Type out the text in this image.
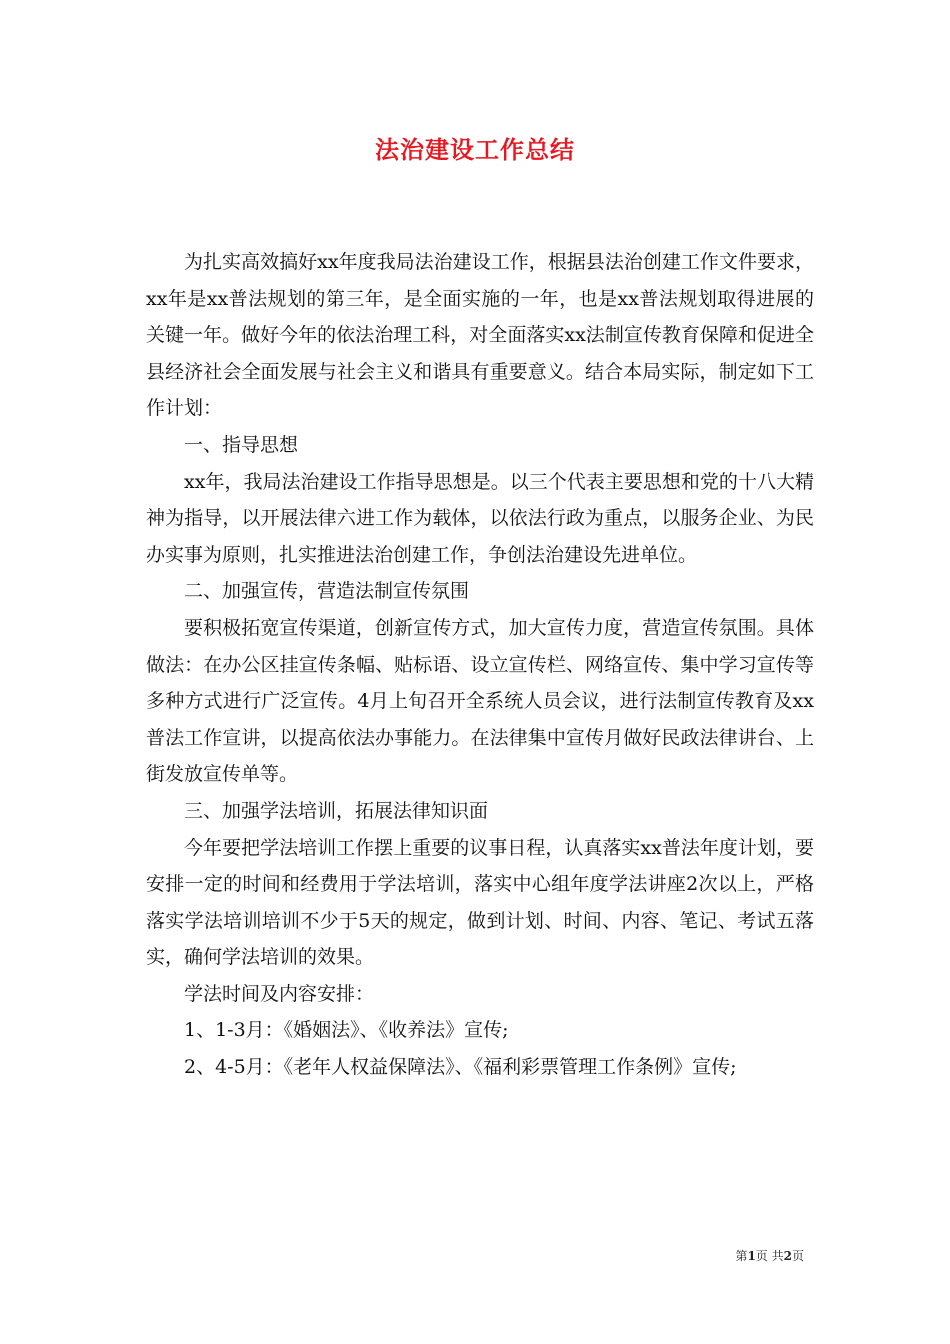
法治建设工作总结

为扎实高效搞好xx年度我局法治建设工作，根据县法治创建工作文件要求，xx年是xx普法规划的第三年，是全面实施的一年，也是xx普法规划取得进展的关键一年。做好今年的依法治理工科，对全面落实xx法制宣传教育保障和促进全县经济社会全面发展与社会主义和谐具有重要意义。结合本局实际，制定如下工作计划：

一、指导思想

xx年，我局法治建设工作指导思想是。以三个代表主要思想和党的十八大精神为指导，以开展法律六进工作为载体，以依法行政为重点，以服务企业、为民办实事为原则，扎实推进法治创建工作，争创法治建设先进单位。

二、加强宣传，营造法制宣传氛围

要积极拓宽宣传渠道，创新宣传方式，加大宣传力度，营造宣传氛围。具体做法：在办公区挂宣传条幅、贴标语、设立宣传栏、网络宣传、集中学习宣传等多种方式进行广泛宣传。4月上旬召开全系统人员会议，进行法制宣传教育及xx普法工作宣讲，以提高依法办事能力。在法律集中宣传月做好民政法律讲台、上街发放宣传单等。

三、加强学法培训，拓展法律知识面

今年要把学法培训工作摆上重要的议事日程，认真落实xx普法年度计划，要安排一定的时间和经费用于学法培训，落实中心组年度学法讲座2次以上，严格落实学法培训培训不少于5天的规定，做到计划、时间、内容、笔记、考试五落实，确何学法培训的效果。

学法时间及内容安排：

1、1-3月：《婚姻法》、《收养法》宣传;

2、4-5月：《老年人权益保障法》、《福利彩票管理工作条例》宣传;

第1页 共2页
